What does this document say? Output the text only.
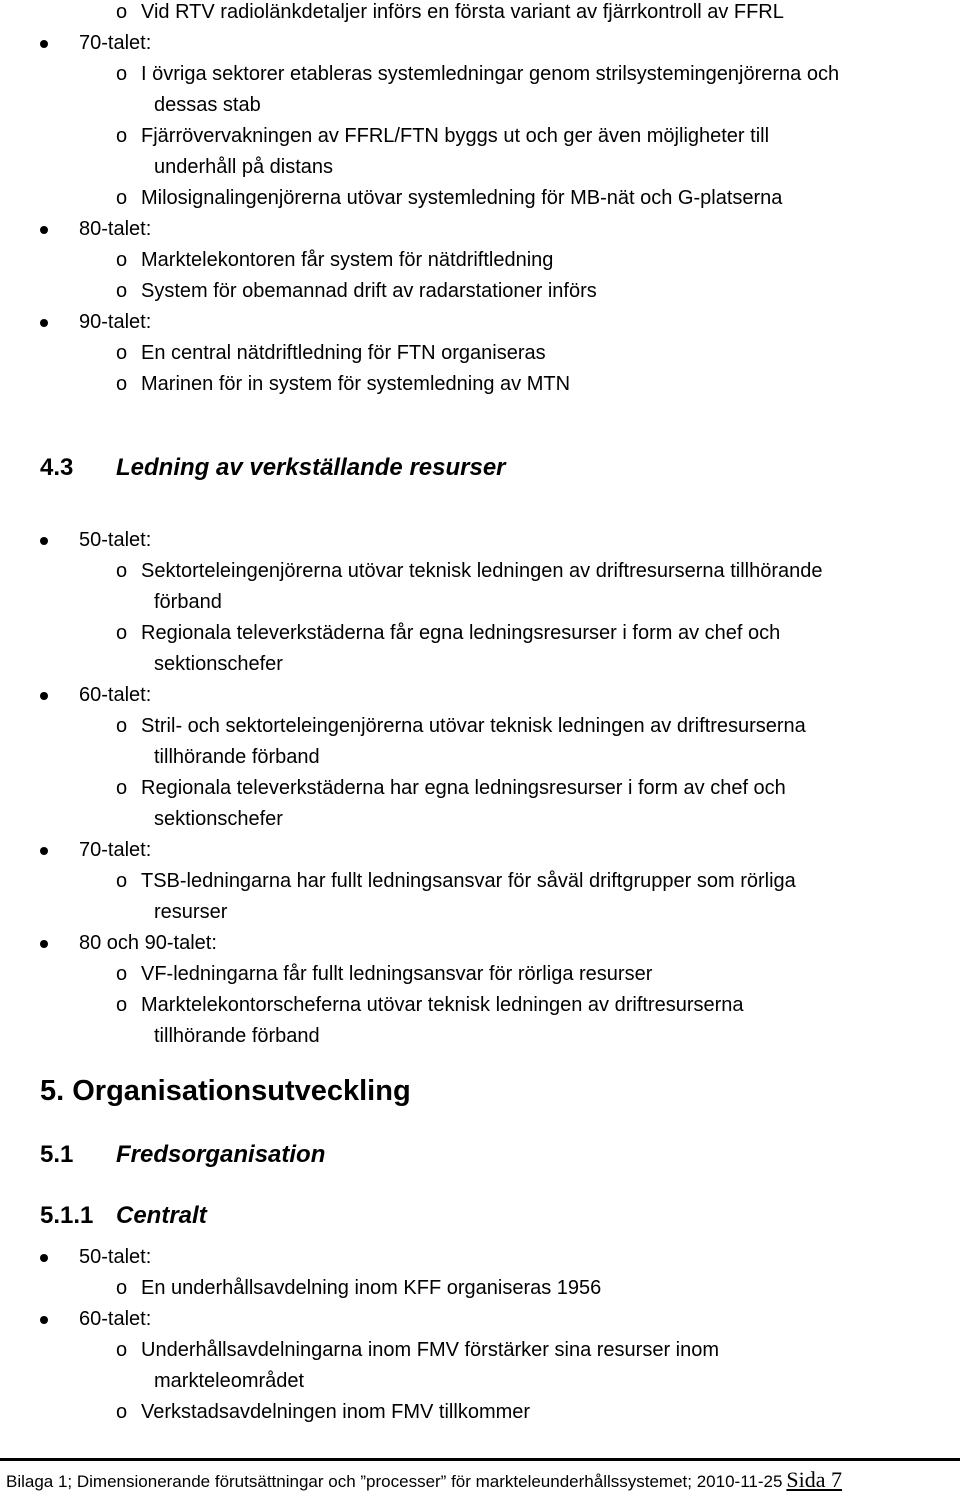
o Vid RTV radiolänkdetaljer införs en första variant av fjärrkontroll av FFRL
70-talet:
o I övriga sektorer etableras systemledningar genom strilsystemingenjörerna och
dessas stab
o Fjärrövervakningen av FFRL/FTN byggs ut och ger även möjligheter till
underhåll på distans
o Milosignalingenjörerna utövar systemledning för MB-nät och G-platserna
80-talet:
o Marktelekontoren får system för nätdriftledning
o System för obemannad drift av radarstationer införs
90-talet:
o En central nätdriftledning för FTN organiseras
o Marinen för in system för systemledning av MTN
4.3 Ledning av verkställande resurser
50-talet:
o Sektorteleingenjörerna utövar teknisk ledningen av driftresurserna tillhörande
förband
o Regionala televerkstäderna får egna ledningsresurser i form av chef och
sektionschefer
60-talet:
o Stril- och sektorteleingenjörerna utövar teknisk ledningen av driftresurserna
tillhörande förband
o Regionala televerkstäderna har egna ledningsresurser i form av chef och
sektionschefer
70-talet:
o TSB-ledningarna har fullt ledningsansvar för såväl driftgrupper som rörliga
resurser
80 och 90-talet:
o VF-ledningarna får fullt ledningsansvar för rörliga resurser
o Marktelekontorscheferna utövar teknisk ledningen av driftresurserna
tillhörande förband
5. Organisationsutveckling
5.1 Fredsorganisation
5.1.1 Centralt
50-talet:
o En underhållsavdelning inom KFF organiseras 1956
60-talet:
o Underhållsavdelningarna inom FMV förstärker sina resurser inom
markteleområdet
o Verkstadsavdelningen inom FMV tillkommer
Bilaga 1; Dimensionerande förutsättningar och ”processer” för markteleunderhållssystemet; 2010-11-25 Sida 7
